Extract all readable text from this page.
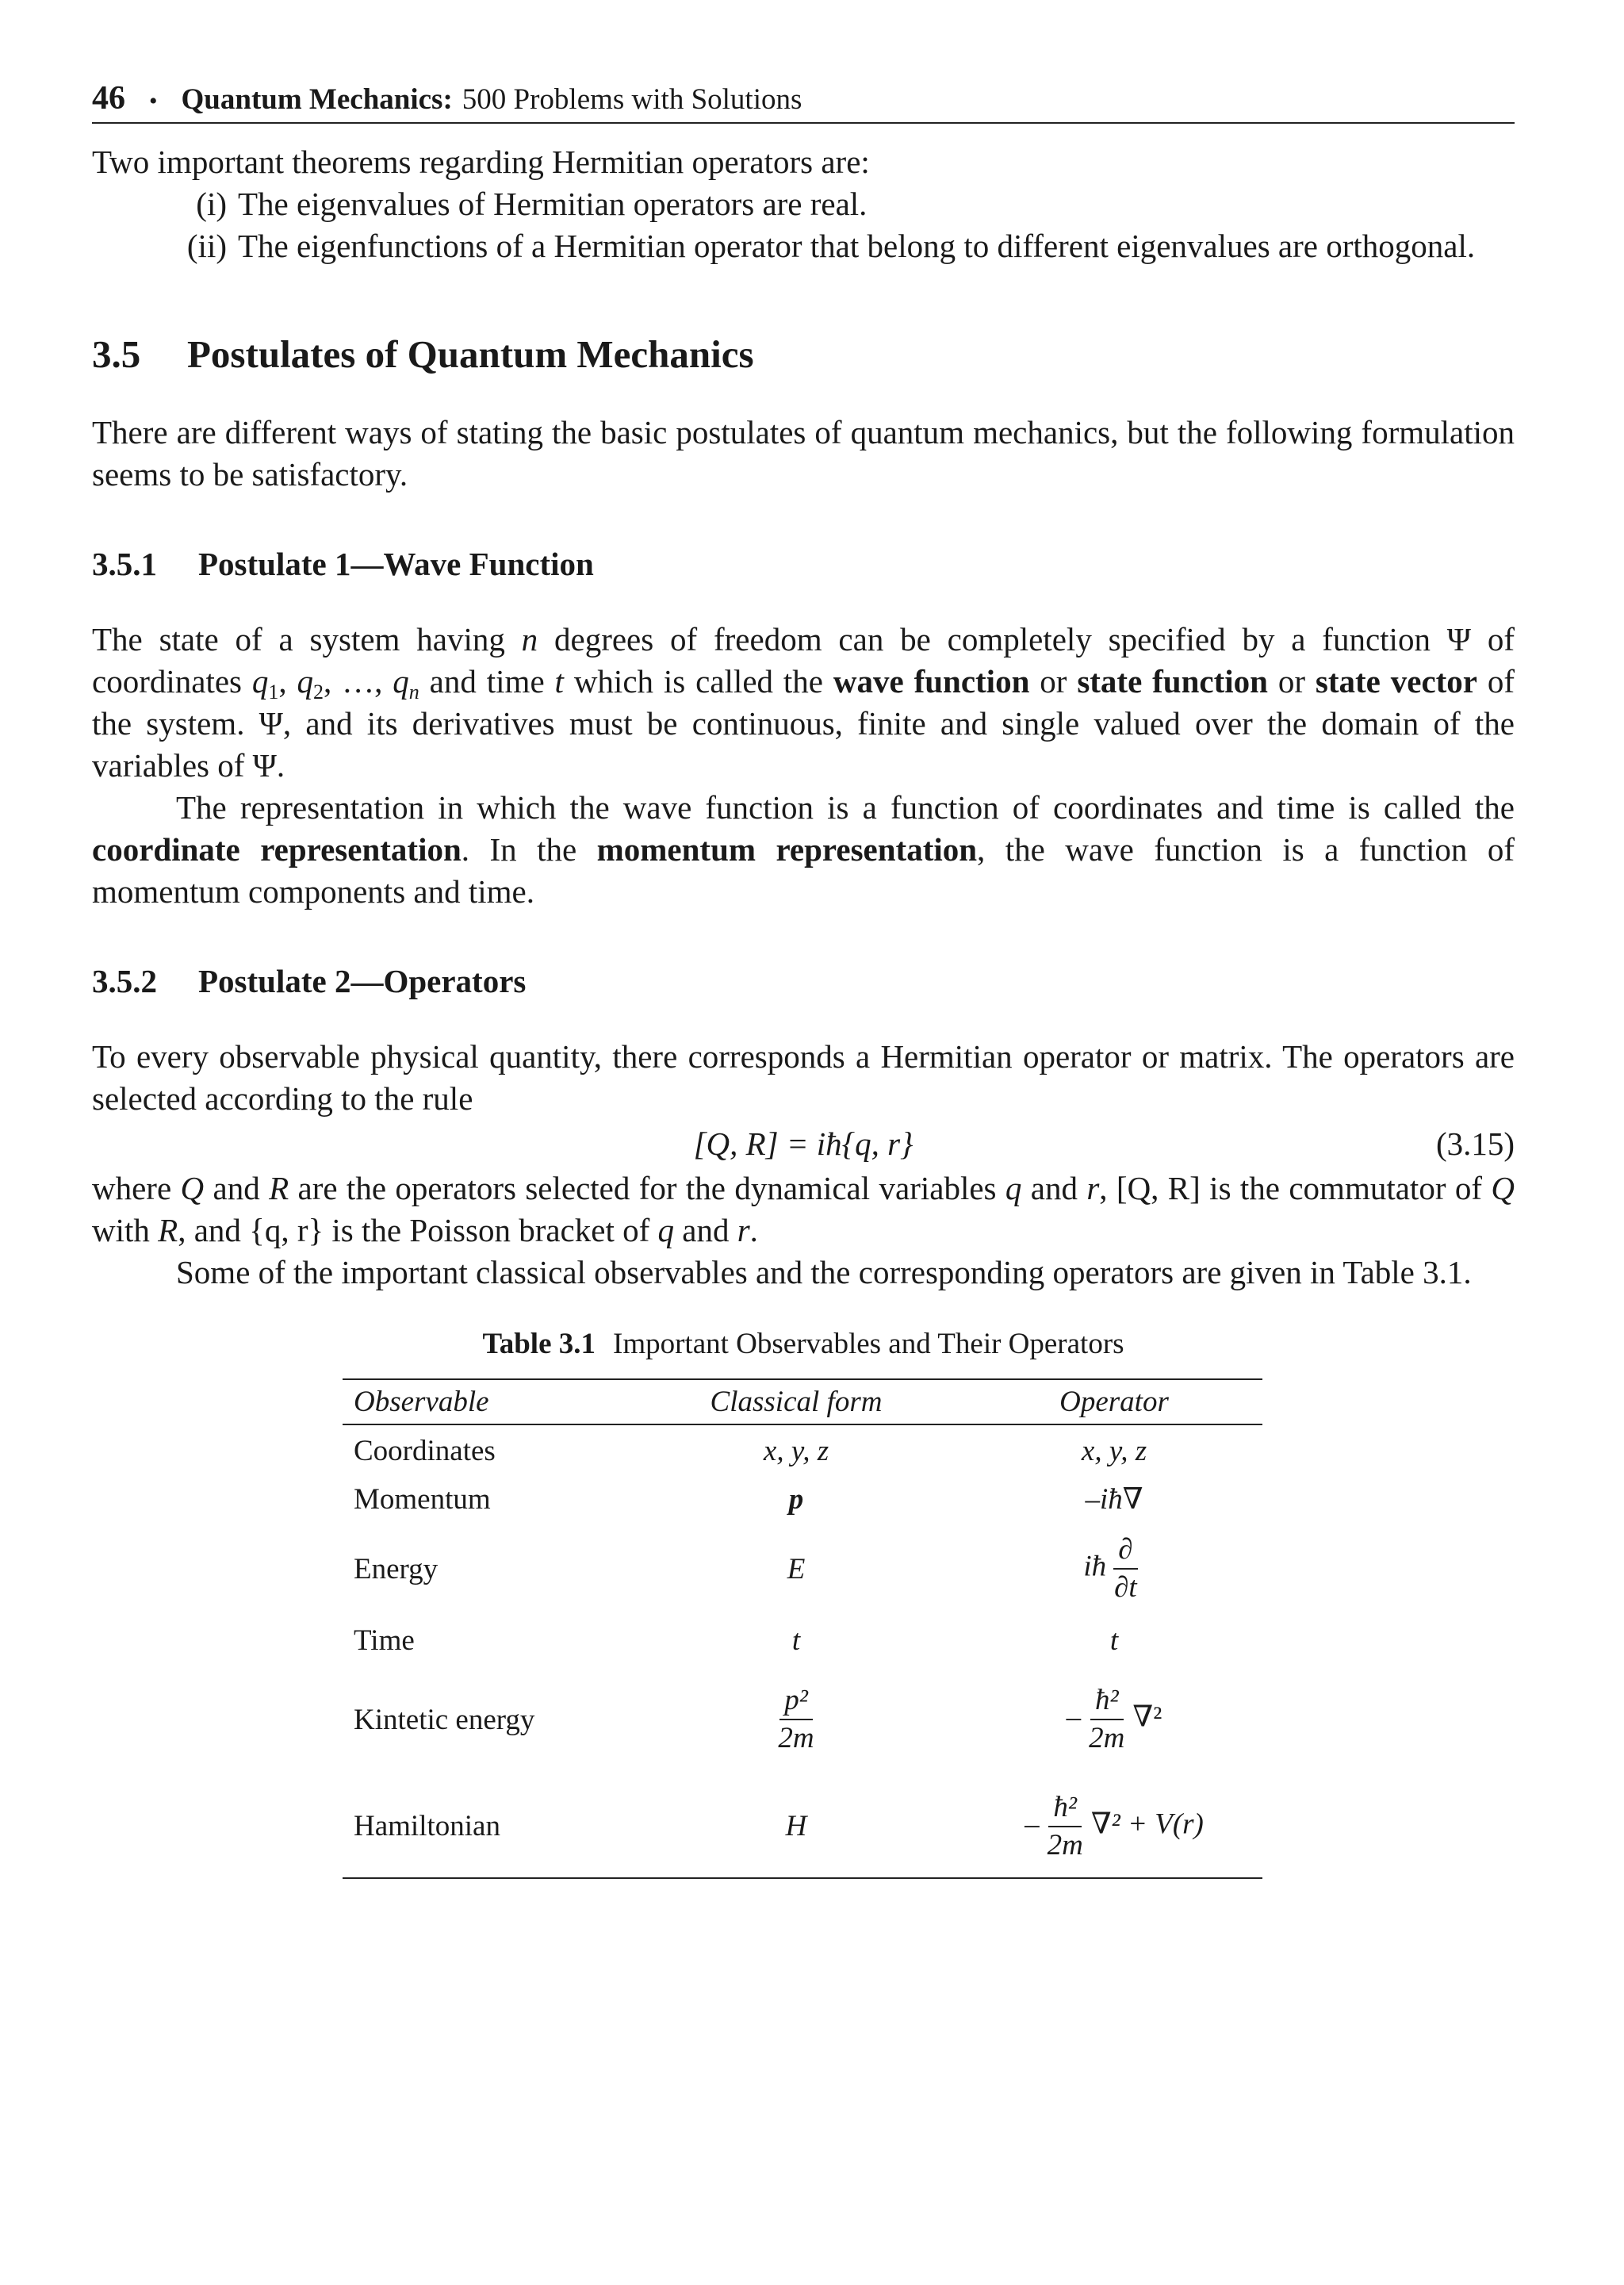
46 • Quantum Mechanics: 500 Problems with Solutions

Two important theorems regarding Hermitian operators are:

(i) The eigenvalues of Hermitian operators are real.
(ii) The eigenfunctions of a Hermitian operator that belong to different eigenvalues are orthogonal.
3.5 Postulates of Quantum Mechanics

There are different ways of stating the basic postulates of quantum mechanics, but the following formulation seems to be satisfactory.

3.5.1 Postulate 1—Wave Function

The state of a system having n degrees of freedom can be completely specified by a function Ψ of coordinates $q_1$, $q_2$, …, $q_n$ and time t which is called the wave function or state function or state vector of the system. Ψ, and its derivatives must be continuous, finite and single valued over the domain of the variables of Ψ.

The representation in which the wave function is a function of coordinates and time is called the coordinate representation. In the momentum representation, the wave function is a function of momentum components and time.

3.5.2 Postulate 2—Operators

To every observable physical quantity, there corresponds a Hermitian operator or matrix. The operators are selected according to the rule

[Q, R] = iħ{q, r}	(3.15)

where Q and R are the operators selected for the dynamical variables q and r, [Q, R] is the commutator of Q with R, and {q, r} is the Poisson bracket of q and r.

Some of the important classical observables and the corresponding operators are given in Table 3.1.

Table 3.1 Important Observables and Their Operators
Observable	Classical form	Operator
Coordinates	x, y, z	x, y, z
Momentum	p	–iħ∇
Energy	E	iħ $\frac{\partial}{\partial t}$

Time	t	t
Kintetic energy	$\frac{\text{p²}}{2m}$	– $\frac{\text{ħ²}}{2m} \nabla^2$
Hamiltonian	H	– $\frac{\text{ħ²}}{2m} \nabla^2 + V(r)$
